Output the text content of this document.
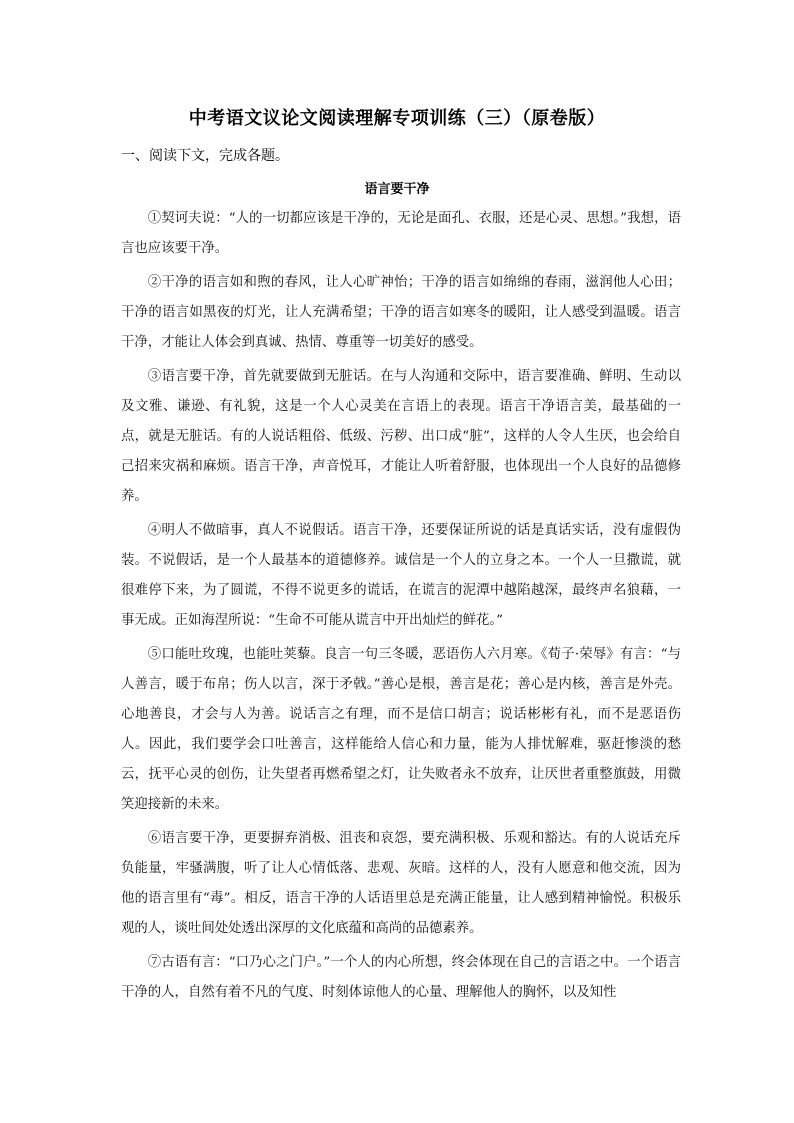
中考语文议论文阅读理解专项训练（三）（原卷版）
一、阅读下文，完成各题。
语言要干净

①契诃夫说：“人的一切都应该是干净的，无论是面孔、衣服，还是心灵、思想。”我想，语言也应该要干净。

②干净的语言如和煦的春风，让人心旷神怡；干净的语言如绵绵的春雨，滋润他人心田；干净的语言如黑夜的灯光，让人充满希望；干净的语言如寒冬的暖阳，让人感受到温暖。语言干净，才能让人体会到真诚、热情、尊重等一切美好的感受。

③语言要干净，首先就要做到无脏话。在与人沟通和交际中，语言要准确、鲜明、生动以及文雅、谦逊、有礼貌，这是一个人心灵美在言语上的表现。语言干净语言美，最基础的一点，就是无脏话。有的人说话粗俗、低级、污秽、出口成“脏”，这样的人令人生厌，也会给自己招来灾祸和麻烦。语言干净，声音悦耳，才能让人听着舒服，也体现出一个人良好的品德修养。

④明人不做暗事，真人不说假话。语言干净，还要保证所说的话是真话实话，没有虚假伪装。不说假话，是一个人最基本的道德修养。诚信是一个人的立身之本。一个人一旦撒谎，就很难停下来，为了圆谎，不得不说更多的谎话，在谎言的泥潭中越陷越深，最终声名狼藉，一事无成。正如海涅所说：“生命不可能从谎言中开出灿烂的鲜花。”

⑤口能吐玫瑰，也能吐荚藜。良言一句三冬暖，恶语伤人六月寒。《荀子·荣辱》有言：“与人善言，暖于布帛；伤人以言，深于矛戟。”善心是根，善言是花；善心是内核，善言是外壳。心地善良，才会与人为善。说话言之有理，而不是信口胡言；说话彬彬有礼，而不是恶语伤人。因此，我们要学会口吐善言，这样能给人信心和力量，能为人排忧解难，驱赶惨淡的愁云，抚平心灵的创伤，让失望者再燃希望之灯，让失败者永不放弃，让厌世者重整旗鼓，用微笑迎接新的未来。

⑥语言要干净，更要摒弃消极、沮丧和哀怨，要充满积极、乐观和豁达。有的人说话充斥负能量，牢骚满腹，听了让人心情低落、悲观、灰暗。这样的人，没有人愿意和他交流，因为他的语言里有“毒”。相反，语言干净的人话语里总是充满正能量，让人感到精神愉悦。积极乐观的人，谈吐间处处透出深厚的文化底蕴和高尚的品德素养。

⑦古语有言：“口乃心之门户。”一个人的内心所想，终会体现在自己的言语之中。一个语言干净的人，自然有着不凡的气度、时刻体谅他人的心量、理解他人的胸怀，以及知性
